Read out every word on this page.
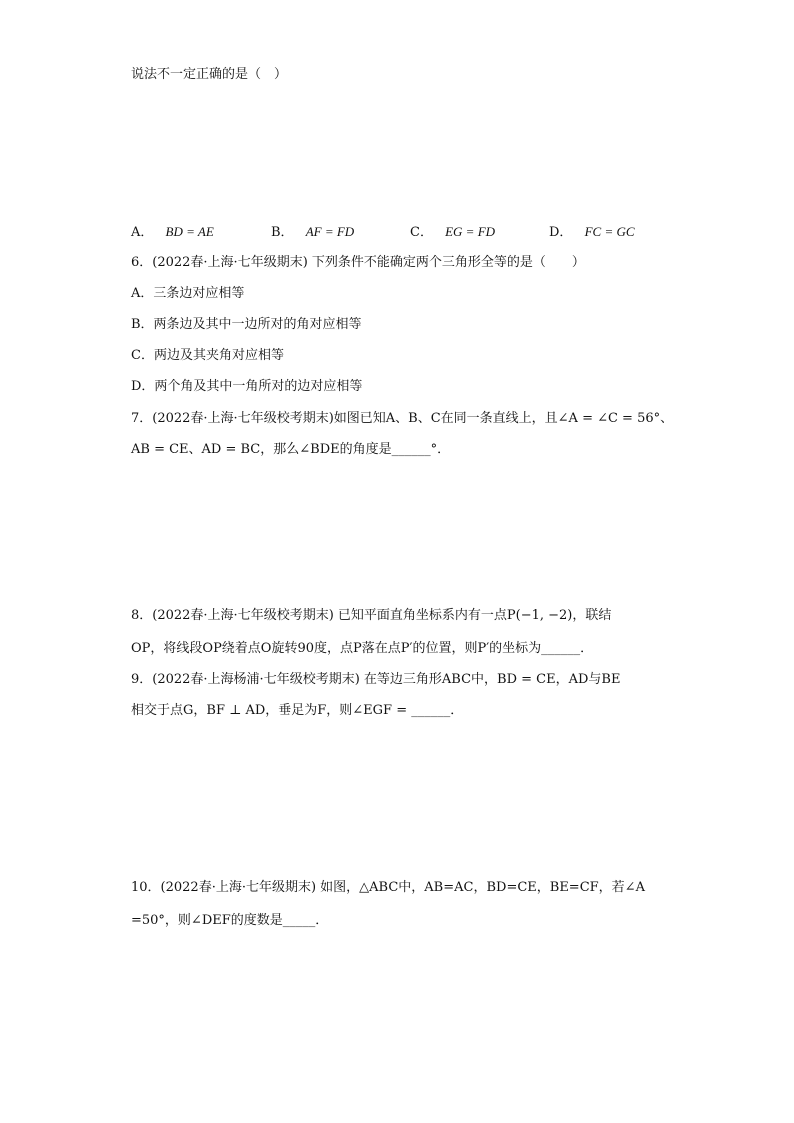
说法不一定正确的是（　）
A
B	C
D
E
F	G
A． BD = AE	B． AF = FD	C． EG = FD	D． FC = GC
6．(2022春·上海·七年级期末) 下列条件不能确定两个三角形全等的是（　　）
A．三条边对应相等
B．两条边及其中一边所对的角对应相等
C．两边及其夹角对应相等
D．两个角及其中一角所对的边对应相等
7．(2022春·上海·七年级校考期末)如图已知A、B、C在同一条直线上，且∠A = ∠C = 56°、
AB = CE、AD = BC，那么∠BDE的角度是______°．
A	B	C
D
E
8．(2022春·上海·七年级校考期末) 已知平面直角坐标系内有一点P(−1, −2)，联结
OP，将线段OP绕着点O旋转90度，点P落在点P′的位置，则P′的坐标为______．
9．(2022春·上海杨浦·七年级校考期末) 在等边三角形ABC中，BD = CE，AD与BE
相交于点G，BF ⊥ AD，垂足为F，则∠EGF = ______．
A
B	C
D
E
F
G
10．(2022春·上海·七年级期末) 如图，△ABC中，AB=AC，BD=CE，BE=CF，若∠A
=50°，则∠DEF的度数是_____．
